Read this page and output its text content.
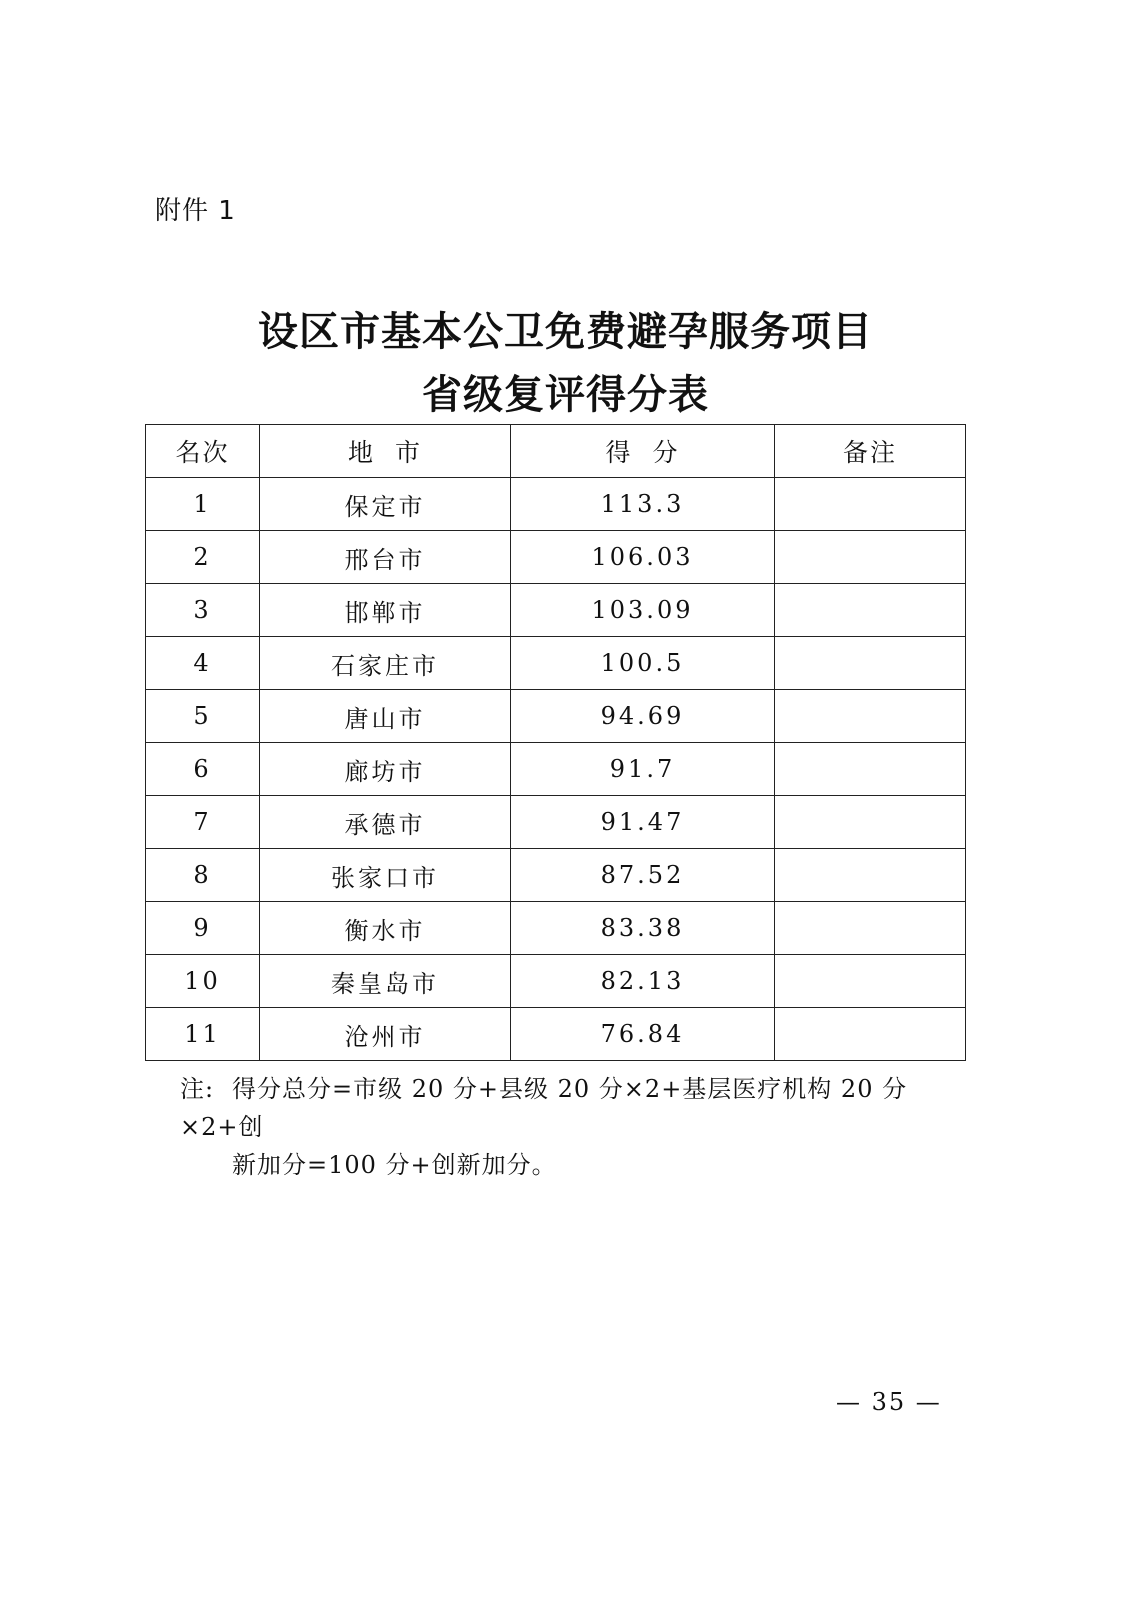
附件 1
设区市基本公卫免费避孕服务项目
省级复评得分表
名次	地  市	得  分	备注
1	保定市	113.3	
2	邢台市	106.03	
3	邯郸市	103.09	
4	石家庄市	100.5	
5	唐山市	94.69	
6	廊坊市	91.7	
7	承德市	91.47	
8	张家口市	87.52	
9	衡水市	83.38	
10	秦皇岛市	82.13	
11	沧州市	76.84	
注: 得分总分=市级 20 分+县级 20 分×2+基层医疗机构 20 分×2+创
新加分=100 分+创新加分。
— 35 —
